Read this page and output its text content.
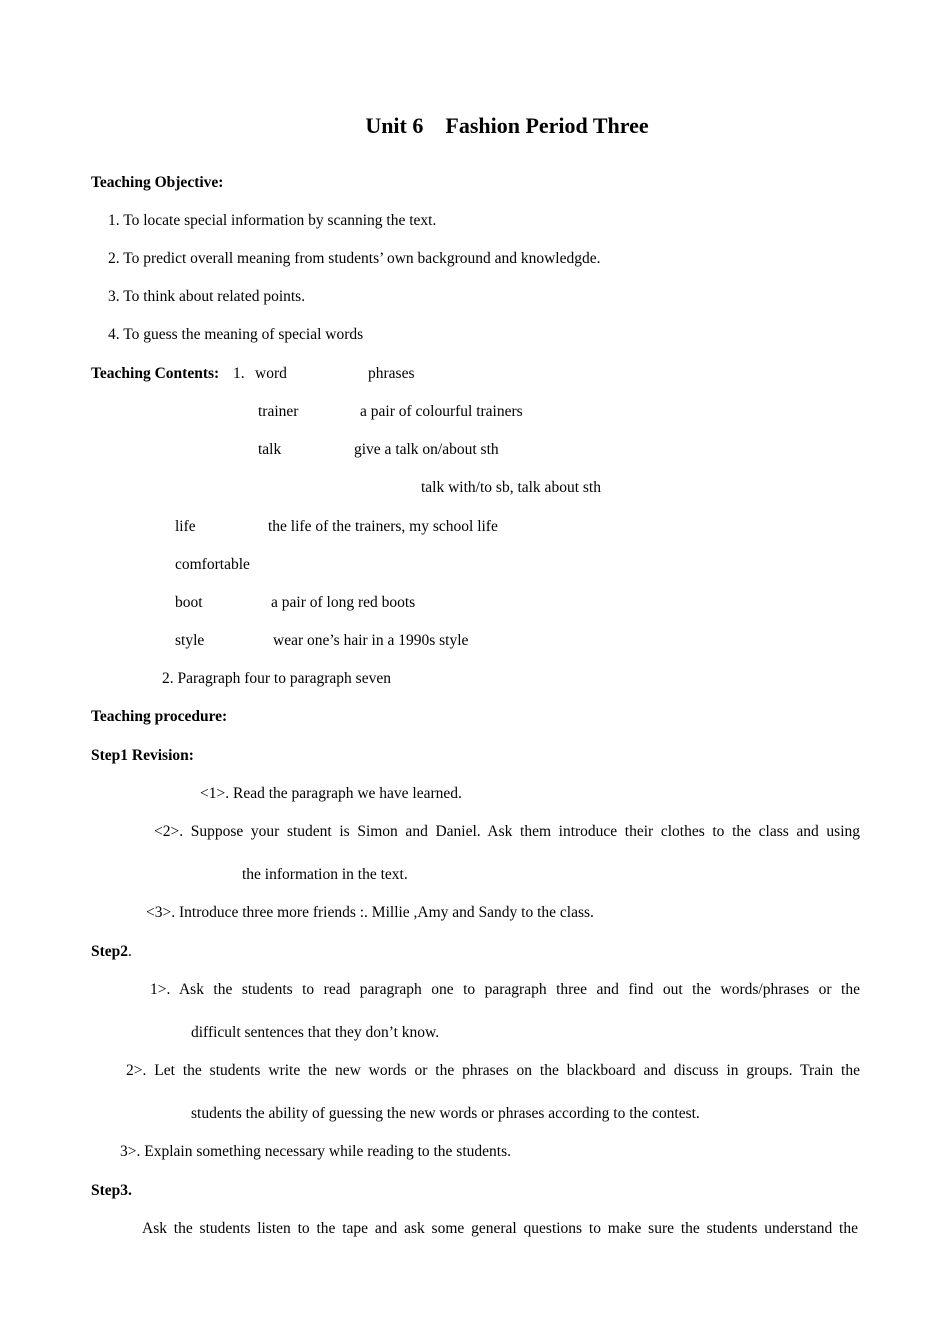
Unit 6    Fashion Period Three
Teaching Objective:
1. To locate special information by scanning the text.
2. To predict overall meaning from students’ own background and knowledgde.
3. To think about related points.
4. To guess the meaning of special words
Teaching Contents: 1. word	phrases
trainer	a pair of colourful trainers
talk	give a talk on/about sth
talk with/to sb, talk about sth
life	the life of the trainers, my school life
comfortable
boot	a pair of long red boots
style	wear one’s hair in a 1990s style
2. Paragraph four to paragraph seven
Teaching procedure:
Step1 Revision:
<1>. Read the paragraph we have learned.
<2>. Suppose your student is Simon and Daniel. Ask them introduce their clothes to the class and using
the information in the text.
<3>. Introduce three more friends :. Millie ,Amy and Sandy to the class.
Step2.
1>. Ask the students to read paragraph one to paragraph three and find out the words/phrases or the
difficult sentences that they don’t know.
2>. Let the students write the new words or the phrases on the blackboard and discuss in groups. Train the
students the ability of guessing the new words or phrases according to the contest.
3>. Explain something necessary while reading to the students.
Step3.
Ask the students listen to the tape and ask some general questions to make sure the students understand the
